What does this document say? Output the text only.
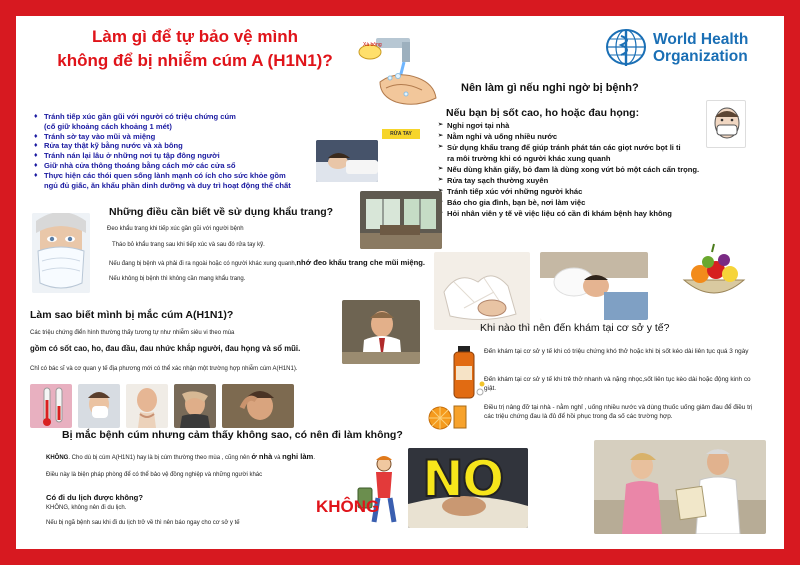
Làm gì để tự bảo vệ mình
không để bị nhiễm cúm A (H1N1)?
World Health
Organization
Xà bông
RỬA TAY
♦ Tránh tiếp xúc gần gũi với người có triệu chứng cúm
(cố giữ khoảng cách khoảng 1 mét)
♦ Tránh sờ tay vào mũi và miệng
♦ Rửa tay thật kỹ bằng nước và xà bông
♦ Tránh nán lại lâu ở những nơi tụ tập đông người
♦ Giữ nhà cửa thông thoáng bằng cách mở các cửa sổ
♦ Thực hiện các thói quen sống lành mạnh có ích cho sức khỏe gồm
ngủ đủ giấc, ăn khẩu phần dinh dưỡng và duy trì hoạt động thể chất
Nên làm gì nếu nghi ngờ bị bệnh?
Nếu bạn bị sốt cao, ho hoặc đau họng:
➢ Nghỉ ngơi tại nhà
➢ Nằm nghỉ và uống nhiều nước
➢ Sử dụng khẩu trang để giúp tránh phát tán các giọt nước bọt li ti
ra môi trường khi có người khác xung quanh
➢ Nếu dùng khăn giấy, bỏ đam là dùng xong vứt bỏ một cách cẩn trọng.
➢ Rửa tay sạch thường xuyên
➢ Tránh tiếp xúc với những người khác
➢ Báo cho gia đình, bạn bè, nơi làm việc
➢ Hỏi nhân viên y tế về việc liệu có cần đi khám bệnh hay không
Những điều cần biết về sử dụng khẩu trang?
Đeo khẩu trang khi tiếp xúc gần gũi với người bệnh
Tháo bỏ khẩu trang sau khi tiếp xúc và sau đó rửa tay kỹ.
Nếu đang bị bệnh và phải đi ra ngoài hoặc có người khác xung quanh,nhớ đeo khẩu trang che mũi miệng.
Nếu không bị bệnh thì không cần mang khẩu trang.
Làm sao biết mình bị mắc cúm A(H1N1)?
Các triệu chứng điển hình thường thấy tương tự như nhiễm siêu vi theo mùa
gồm có sốt cao, ho, đau đầu, đau nhức khắp người, đau họng và sổ mũi.
Chỉ có bác sĩ và cơ quan y tế địa phương mới có thể xác nhận một trường hợp nhiễm cúm A(H1N1).
Khi nào thì nên đến khám tại cơ sở y tế?
Đến khám tại cơ sở y tế khi có triệu chứng khó thở hoặc khi bị sốt kéo dài liên tục quá 3 ngày
Đến khám tại cơ sở y tế khi trẻ thở nhanh và nặng nhọc,sốt liên tục kèo dài hoặc động kinh co giật.
Điều trị nâng đỡ tại nhà - nằm nghỉ , uống nhiều nước và dùng thuốc uống giảm đau để điều trị các triệu chứng đau là đủ để hồi phục trong đa số các trường hợp.
Bị mắc bệnh cúm nhưng cảm thấy không sao, có nên đi làm không?
KHÔNG. Cho dù bị cúm A(H1N1) hay là bị cúm thường theo mùa , cũng nên ở nhà và nghỉ làm.
Điều này là biện pháp phòng để có thể bảo vệ đồng nghiệp và những người khác
Có đi du lịch được không?
KHÔNG, không nên đi du lịch.
Nếu bị ngã bệnh sau khi đi du lịch trở về thì nên báo ngay cho cơ sở y tế
KHÔNG NO
